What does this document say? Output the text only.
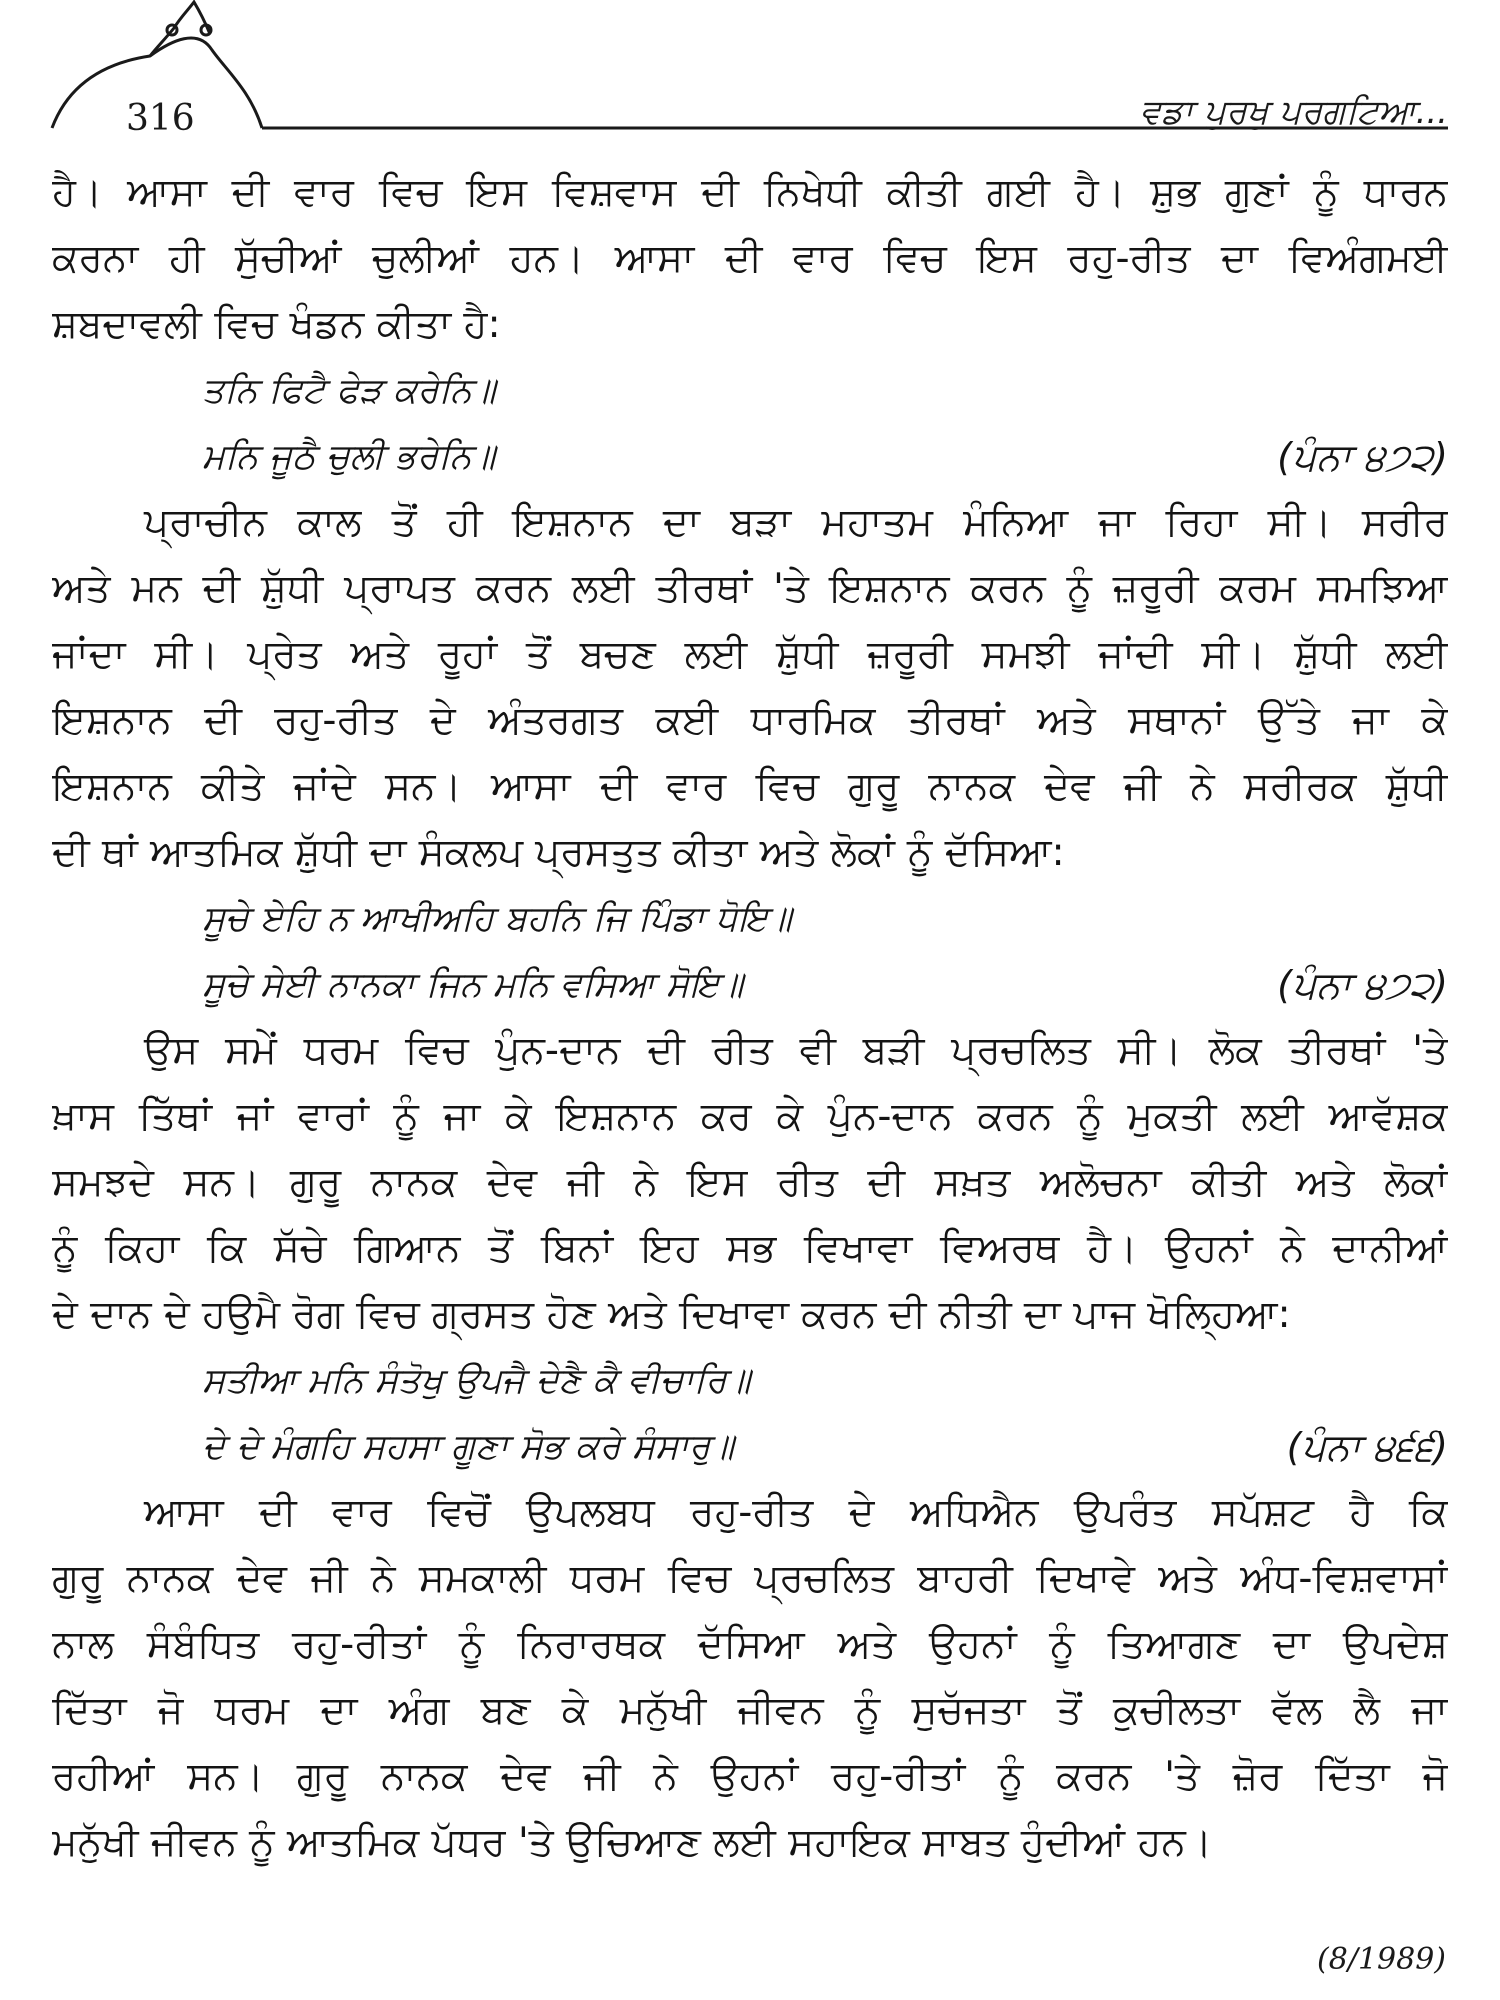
316	ਵਡਾ ਪੁਰਖੁ ਪਰਗਟਿਆ...
ਹੈ। ਆਸਾ ਦੀ ਵਾਰ ਵਿਚ ਇਸ ਵਿਸ਼ਵਾਸ ਦੀ ਨਿਖੇਧੀ ਕੀਤੀ ਗਈ ਹੈ। ਸ਼ੁਭ ਗੁਣਾਂ ਨੂੰ ਧਾਰਨ
ਕਰਨਾ ਹੀ ਸੁੱਚੀਆਂ ਚੁਲੀਆਂ ਹਨ। ਆਸਾ ਦੀ ਵਾਰ ਵਿਚ ਇਸ ਰਹੁ-ਰੀਤ ਦਾ ਵਿਅੰਗਮਈ
ਸ਼ਬਦਾਵਲੀ ਵਿਚ ਖੰਡਨ ਕੀਤਾ ਹੈ:
ਤਨਿ ਫਿਟੈ ਫੇੜ ਕਰੇਨਿ॥
ਮਨਿ ਜੂਠੈ ਚੁਲੀ ਭਰੇਨਿ॥	(ਪੰਨਾ ੪੭੨)
ਪ੍ਰਾਚੀਨ ਕਾਲ ਤੋਂ ਹੀ ਇਸ਼ਨਾਨ ਦਾ ਬੜਾ ਮਹਾਤਮ ਮੰਨਿਆ ਜਾ ਰਿਹਾ ਸੀ। ਸਰੀਰ
ਅਤੇ ਮਨ ਦੀ ਸ਼ੁੱਧੀ ਪ੍ਰਾਪਤ ਕਰਨ ਲਈ ਤੀਰਥਾਂ 'ਤੇ ਇਸ਼ਨਾਨ ਕਰਨ ਨੂੰ ਜ਼ਰੂਰੀ ਕਰਮ ਸਮਝਿਆ
ਜਾਂਦਾ ਸੀ। ਪ੍ਰੇਤ ਅਤੇ ਰੂਹਾਂ ਤੋਂ ਬਚਣ ਲਈ ਸ਼ੁੱਧੀ ਜ਼ਰੂਰੀ ਸਮਝੀ ਜਾਂਦੀ ਸੀ। ਸ਼ੁੱਧੀ ਲਈ
ਇਸ਼ਨਾਨ ਦੀ ਰਹੁ-ਰੀਤ ਦੇ ਅੰਤਰਗਤ ਕਈ ਧਾਰਮਿਕ ਤੀਰਥਾਂ ਅਤੇ ਸਥਾਨਾਂ ਉੱਤੇ ਜਾ ਕੇ
ਇਸ਼ਨਾਨ ਕੀਤੇ ਜਾਂਦੇ ਸਨ। ਆਸਾ ਦੀ ਵਾਰ ਵਿਚ ਗੁਰੂ ਨਾਨਕ ਦੇਵ ਜੀ ਨੇ ਸਰੀਰਕ ਸ਼ੁੱਧੀ
ਦੀ ਥਾਂ ਆਤਮਿਕ ਸ਼ੁੱਧੀ ਦਾ ਸੰਕਲਪ ਪ੍ਰਸਤੁਤ ਕੀਤਾ ਅਤੇ ਲੋਕਾਂ ਨੂੰ ਦੱਸਿਆ:
ਸੂਚੇ ਏਹਿ ਨ ਆਖੀਅਹਿ ਬਹਨਿ ਜਿ ਪਿੰਡਾ ਧੋਇ॥
ਸੂਚੇ ਸੇਈ ਨਾਨਕਾ ਜਿਨ ਮਨਿ ਵਸਿਆ ਸੋਇ॥	(ਪੰਨਾ ੪੭੨)
ਉਸ ਸਮੇਂ ਧਰਮ ਵਿਚ ਪੁੰਨ-ਦਾਨ ਦੀ ਰੀਤ ਵੀ ਬੜੀ ਪ੍ਰਚਲਿਤ ਸੀ। ਲੋਕ ਤੀਰਥਾਂ 'ਤੇ
ਖ਼ਾਸ ਤਿੱਥਾਂ ਜਾਂ ਵਾਰਾਂ ਨੂੰ ਜਾ ਕੇ ਇਸ਼ਨਾਨ ਕਰ ਕੇ ਪੁੰਨ-ਦਾਨ ਕਰਨ ਨੂੰ ਮੁਕਤੀ ਲਈ ਆਵੱਸ਼ਕ
ਸਮਝਦੇ ਸਨ। ਗੁਰੂ ਨਾਨਕ ਦੇਵ ਜੀ ਨੇ ਇਸ ਰੀਤ ਦੀ ਸਖ਼ਤ ਅਲੋਚਨਾ ਕੀਤੀ ਅਤੇ ਲੋਕਾਂ
ਨੂੰ ਕਿਹਾ ਕਿ ਸੱਚੇ ਗਿਆਨ ਤੋਂ ਬਿਨਾਂ ਇਹ ਸਭ ਵਿਖਾਵਾ ਵਿਅਰਥ ਹੈ। ਉਹਨਾਂ ਨੇ ਦਾਨੀਆਂ
ਦੇ ਦਾਨ ਦੇ ਹਉਮੈ ਰੋਗ ਵਿਚ ਗ੍ਰਸਤ ਹੋਣ ਅਤੇ ਦਿਖਾਵਾ ਕਰਨ ਦੀ ਨੀਤੀ ਦਾ ਪਾਜ ਖੋਲ੍ਹਿਆ:
ਸਤੀਆ ਮਨਿ ਸੰਤੋਖੁ ਉਪਜੈ ਦੇਣੈ ਕੈ ਵੀਚਾਰਿ॥
ਦੇ ਦੇ ਮੰਗਹਿ ਸਹਸਾ ਗੂਣਾ ਸੋਭ ਕਰੇ ਸੰਸਾਰੁ॥	(ਪੰਨਾ ੪੬੬)
ਆਸਾ ਦੀ ਵਾਰ ਵਿਚੋਂ ਉਪਲਬਧ ਰਹੁ-ਰੀਤ ਦੇ ਅਧਿਐਨ ਉਪਰੰਤ ਸਪੱਸ਼ਟ ਹੈ ਕਿ
ਗੁਰੂ ਨਾਨਕ ਦੇਵ ਜੀ ਨੇ ਸਮਕਾਲੀ ਧਰਮ ਵਿਚ ਪ੍ਰਚਲਿਤ ਬਾਹਰੀ ਦਿਖਾਵੇ ਅਤੇ ਅੰਧ-ਵਿਸ਼ਵਾਸਾਂ
ਨਾਲ ਸੰਬੰਧਿਤ ਰਹੁ-ਰੀਤਾਂ ਨੂੰ ਨਿਰਾਰਥਕ ਦੱਸਿਆ ਅਤੇ ਉਹਨਾਂ ਨੂੰ ਤਿਆਗਣ ਦਾ ਉਪਦੇਸ਼
ਦਿੱਤਾ ਜੋ ਧਰਮ ਦਾ ਅੰਗ ਬਣ ਕੇ ਮਨੁੱਖੀ ਜੀਵਨ ਨੂੰ ਸੁਚੱਜਤਾ ਤੋਂ ਕੁਚੀਲਤਾ ਵੱਲ ਲੈ ਜਾ
ਰਹੀਆਂ ਸਨ। ਗੁਰੂ ਨਾਨਕ ਦੇਵ ਜੀ ਨੇ ਉਹਨਾਂ ਰਹੁ-ਰੀਤਾਂ ਨੂੰ ਕਰਨ 'ਤੇ ਜ਼ੋਰ ਦਿੱਤਾ ਜੋ
ਮਨੁੱਖੀ ਜੀਵਨ ਨੂੰ ਆਤਮਿਕ ਪੱਧਰ 'ਤੇ ਉਚਿਆਣ ਲਈ ਸਹਾਇਕ ਸਾਬਤ ਹੁੰਦੀਆਂ ਹਨ।
(8/1989)
